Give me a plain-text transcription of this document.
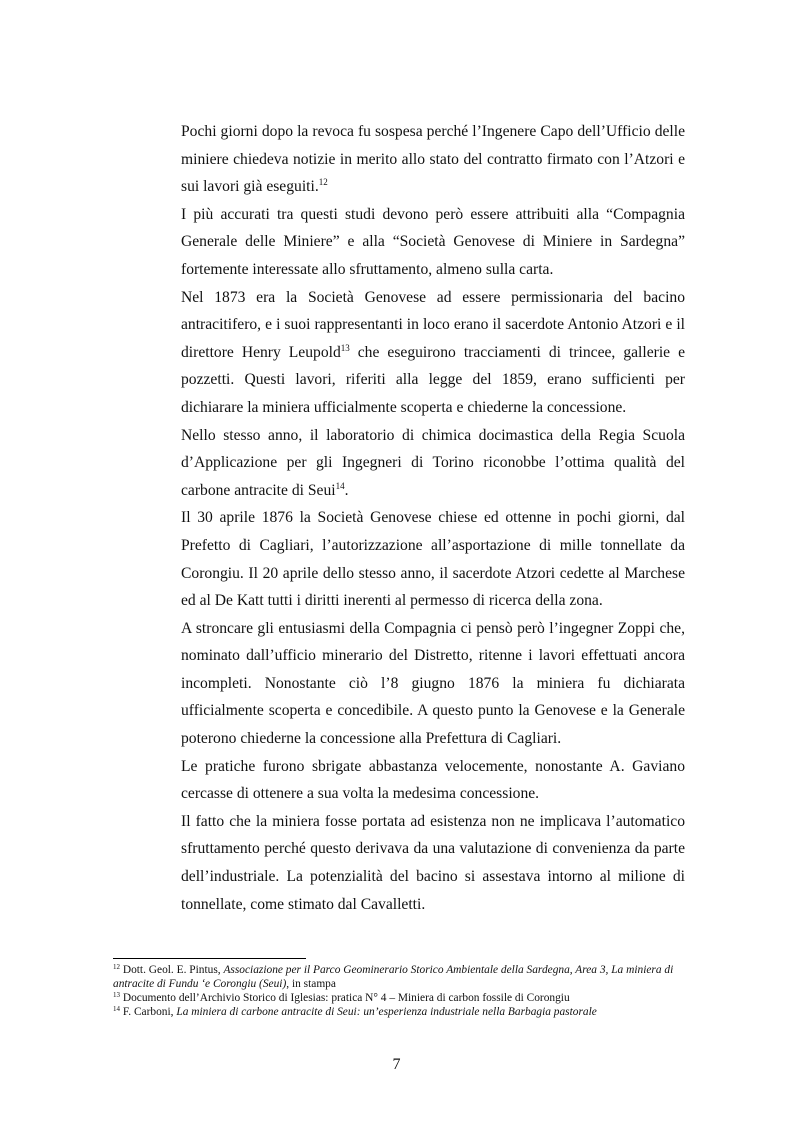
Pochi giorni dopo la revoca fu sospesa perché l’Ingenere Capo dell’Ufficio delle miniere chiedeva notizie in merito allo stato del contratto firmato con l’Atzori e sui lavori già eseguiti.$^{12}$

I più accurati tra questi studi devono però essere attribuiti alla “Compagnia Generale delle Miniere” e alla “Società Genovese di Miniere in Sardegna” fortemente interessate allo sfruttamento, almeno sulla carta.

Nel 1873 era la Società Genovese ad essere permissionaria del bacino antracitifero, e i suoi rappresentanti in loco erano il sacerdote Antonio Atzori e il direttore Henry Leupold$^{13}$ che eseguirono tracciamenti di trincee, gallerie e pozzetti. Questi lavori, riferiti alla legge del 1859, erano sufficienti per dichiarare la miniera ufficialmente scoperta e chiederne la concessione.

Nello stesso anno, il laboratorio di chimica docimastica della Regia Scuola d’Applicazione per gli Ingegneri di Torino riconobbe l’ottima qualità del carbone antracite di Seui$^{14}$.

Il 30 aprile 1876 la Società Genovese chiese ed ottenne in pochi giorni, dal Prefetto di Cagliari, l’autorizzazione all’asportazione di mille tonnellate da Corongiu. Il 20 aprile dello stesso anno, il sacerdote Atzori cedette al Marchese ed al De Katt tutti i diritti inerenti al permesso di ricerca della zona.

A stroncare gli entusiasmi della Compagnia ci pensò però l’ingegner Zoppi che, nominato dall’ufficio minerario del Distretto, ritenne i lavori effettuati ancora incompleti. Nonostante ciò l’8 giugno 1876 la miniera fu dichiarata ufficialmente scoperta e concedibile. A questo punto la Genovese e la Generale poterono chiederne la concessione alla Prefettura di Cagliari.

Le pratiche furono sbrigate abbastanza velocemente, nonostante A. Gaviano cercasse di ottenere a sua volta la medesima concessione.

Il fatto che la miniera fosse portata ad esistenza non ne implicava l’automatico sfruttamento perché questo derivava da una valutazione di convenienza da parte dell’industriale. La potenzialità del bacino si assestava intorno al milione di tonnellate, come stimato dal Cavalletti.

$^{12}$ Dott. Geol. E. Pintus, Associazione per il Parco Geominerario Storico Ambientale della Sardegna, Area 3, La miniera di antracite di Fundu ‘e Corongiu (Seui), in stampa
$^{13}$ Documento dell’Archivio Storico di Iglesias: pratica N° 4 – Miniera di carbon fossile di Corongiu
$^{14}$ F. Carboni, La miniera di carbone antracite di Seui: un’esperienza industriale nella Barbagia pastorale
7
